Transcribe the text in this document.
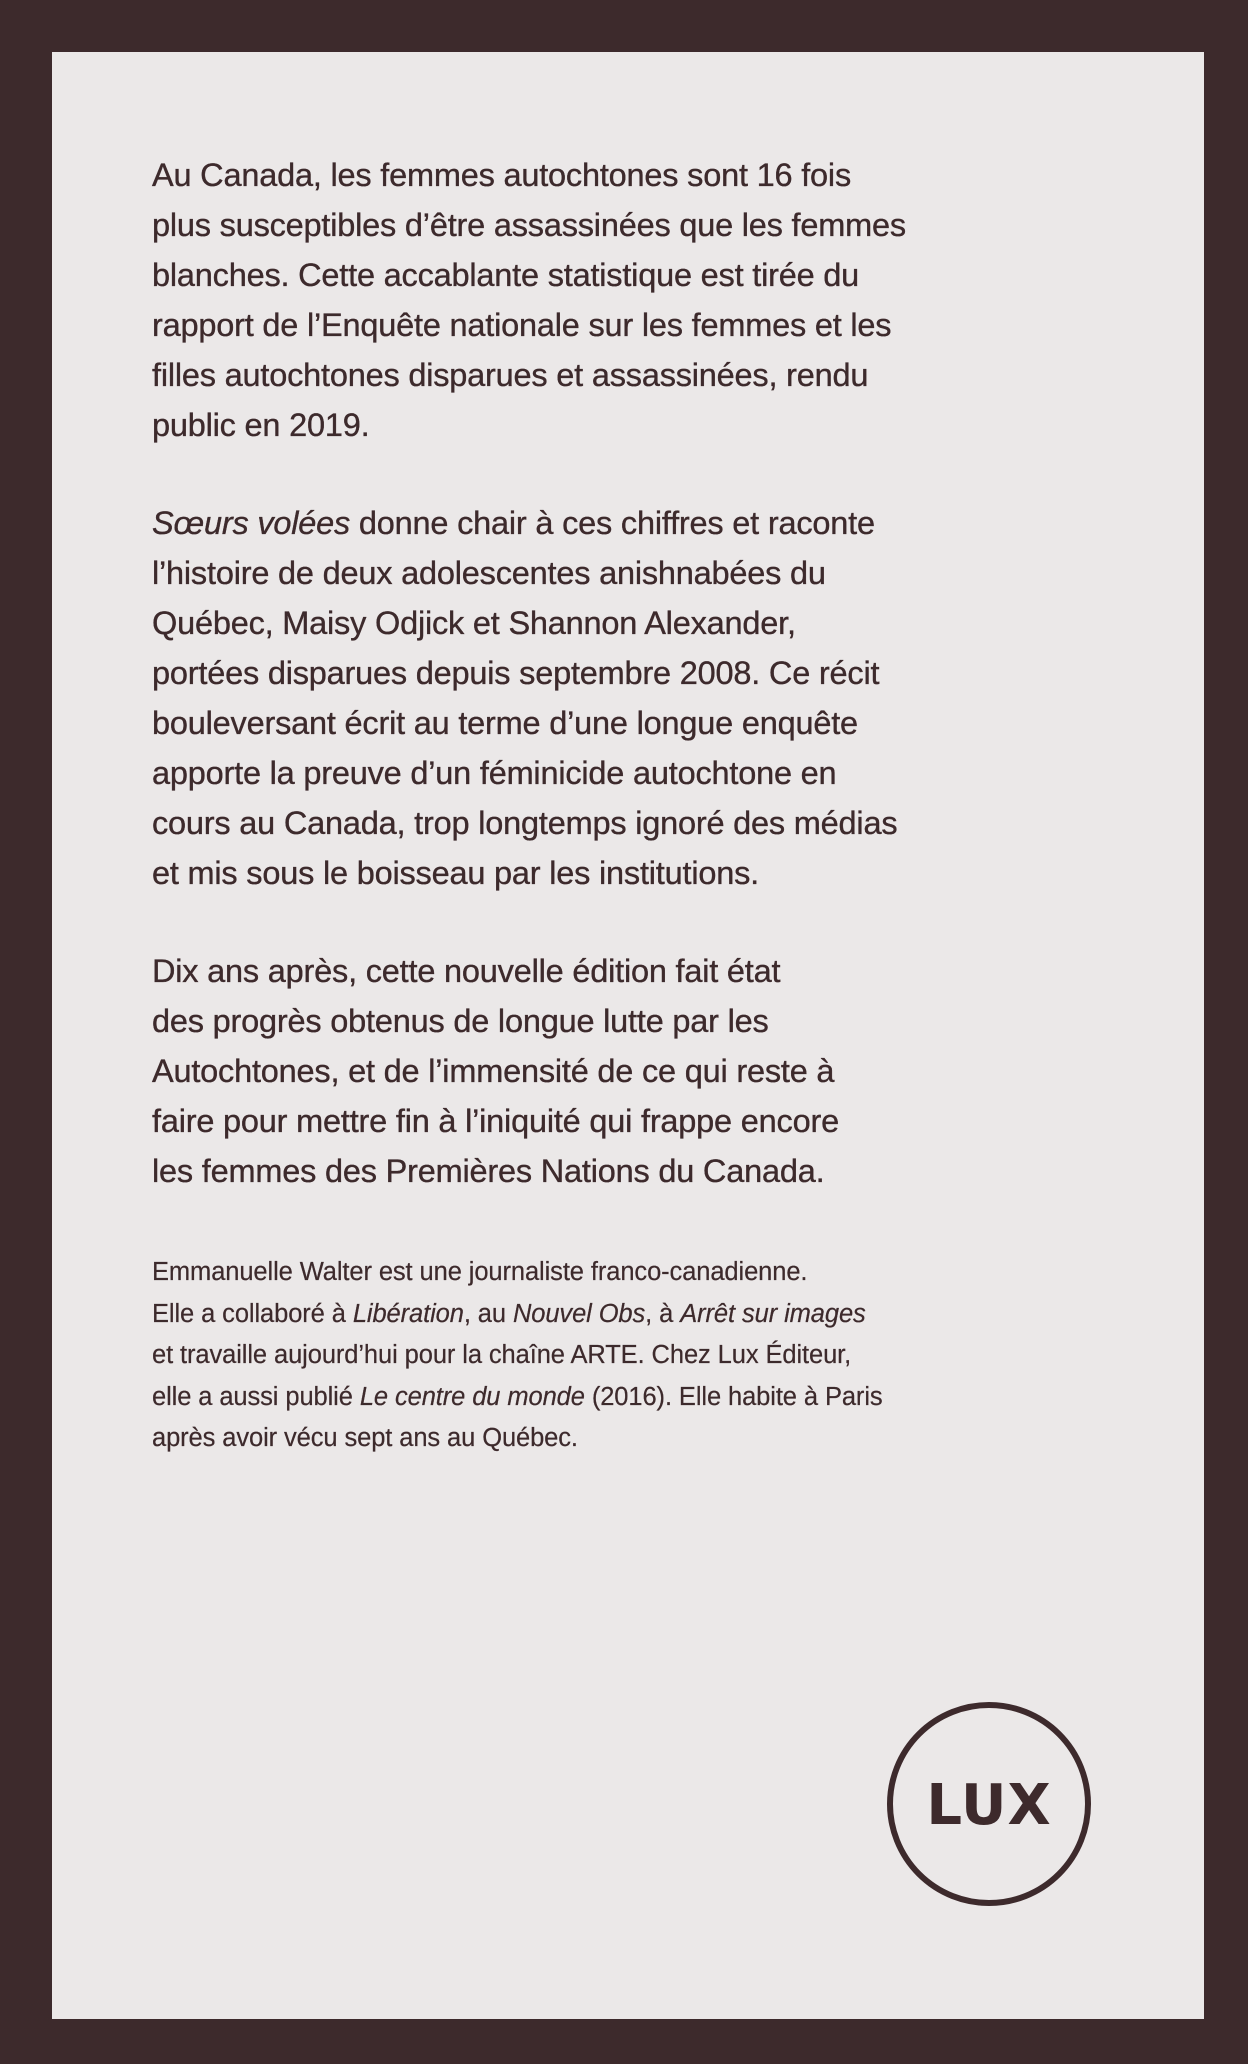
Au Canada, les femmes autochtones sont 16 fois
plus susceptibles d’être assassinées que les femmes
blanches. Cette accablante statistique est tirée du
rapport de l’Enquête nationale sur les femmes et les
filles autochtones disparues et assassinées, rendu
public en 2019.

Sœurs volées donne chair à ces chiffres et raconte
l’histoire de deux adolescentes anishnabées du
Québec, Maisy Odjick et Shannon Alexander,
portées disparues depuis septembre 2008. Ce récit
bouleversant écrit au terme d’une longue enquête
apporte la preuve d’un féminicide autochtone en
cours au Canada, trop longtemps ignoré des médias
et mis sous le boisseau par les institutions.

Dix ans après, cette nouvelle édition fait état
des progrès obtenus de longue lutte par les
Autochtones, et de l’immensité de ce qui reste à
faire pour mettre fin à l’iniquité qui frappe encore
les femmes des Premières Nations du Canada.

Emmanuelle Walter est une journaliste franco-canadienne.
Elle a collaboré à Libération, au Nouvel Obs, à Arrêt sur images
et travaille aujourd’hui pour la chaîne ARTE. Chez Lux Éditeur,
elle a aussi publié Le centre du monde (2016). Elle habite à Paris
après avoir vécu sept ans au Québec.

LUX
